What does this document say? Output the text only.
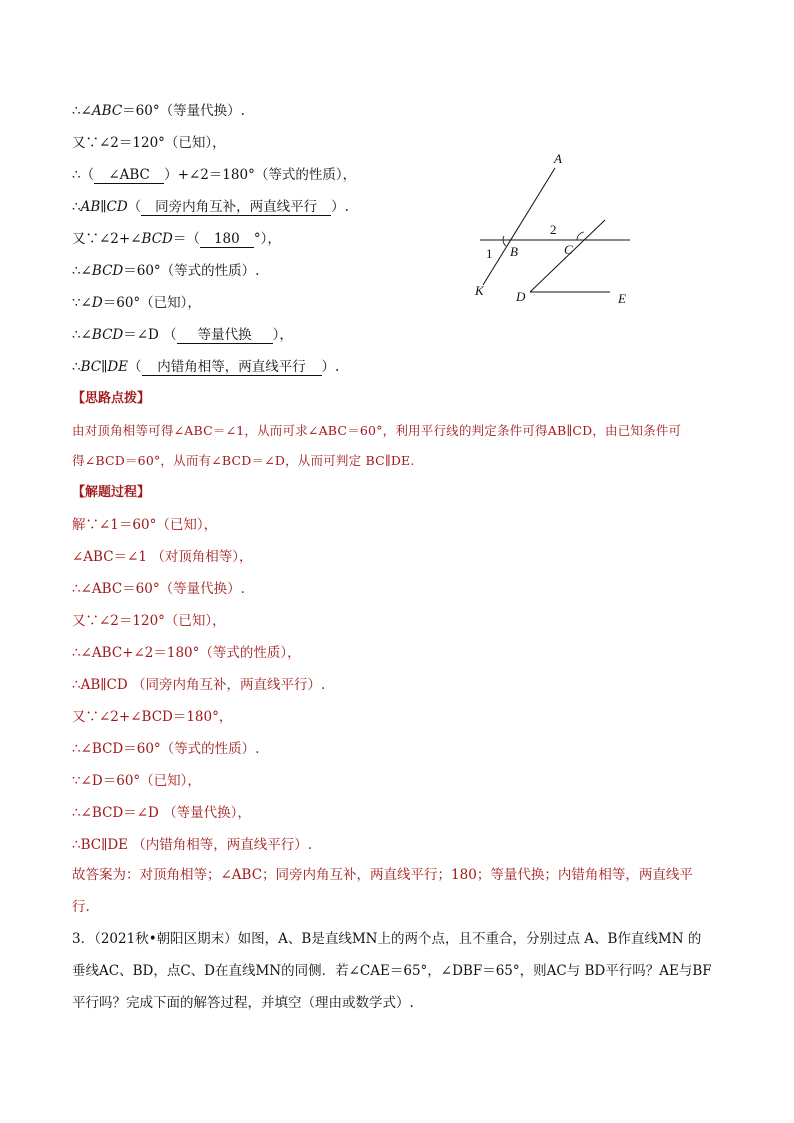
∴∠ABC＝60°（等量代换）.
又∵∠2＝120°（已知），
∴（ ∠ABC ）+∠2＝180°（等式的性质），
∴AB∥CD（ 同旁内角互补，两直线平行 ）.
又∵∠2+∠BCD＝（ 180 °），
∴∠BCD＝60°（等式的性质）.
∵∠D＝60°（已知），
∴∠BCD＝∠D （ 等量代换 ），
∴BC∥DE（ 内错角相等，两直线平行 ）.
A
B	C
D	E
K
1
2
【思路点拨】
由对顶角相等可得∠ABC＝∠1，从而可求∠ABC＝60°，利用平行线的判定条件可得AB∥CD，由已知条件可
得∠BCD＝60°，从而有∠BCD＝∠D，从而可判定 BC∥DE.
【解题过程】
解∵∠1＝60°（已知），
∠ABC＝∠1 （对顶角相等），
∴∠ABC＝60°（等量代换）.
又∵∠2＝120°（已知），
∴∠ABC+∠2＝180°（等式的性质），
∴AB∥CD （同旁内角互补，两直线平行）.
又∵∠2+∠BCD＝180°，
∴∠BCD＝60°（等式的性质）.
∵∠D＝60°（已知），
∴∠BCD＝∠D （等量代换），
∴BC∥DE （内错角相等，两直线平行）.
故答案为：对顶角相等；∠ABC；同旁内角互补，两直线平行；180；等量代换；内错角相等，两直线平
行.
3．（2021秋•朝阳区期末）如图，A、B是直线MN上的两个点，且不重合，分别过点 A、B作直线MN 的
垂线AC、BD，点C、D在直线MN的同侧．若∠CAE＝65°，∠DBF＝65°，则AC与 BD平行吗？AE与BF
平行吗？完成下面的解答过程，并填空（理由或数学式）.
